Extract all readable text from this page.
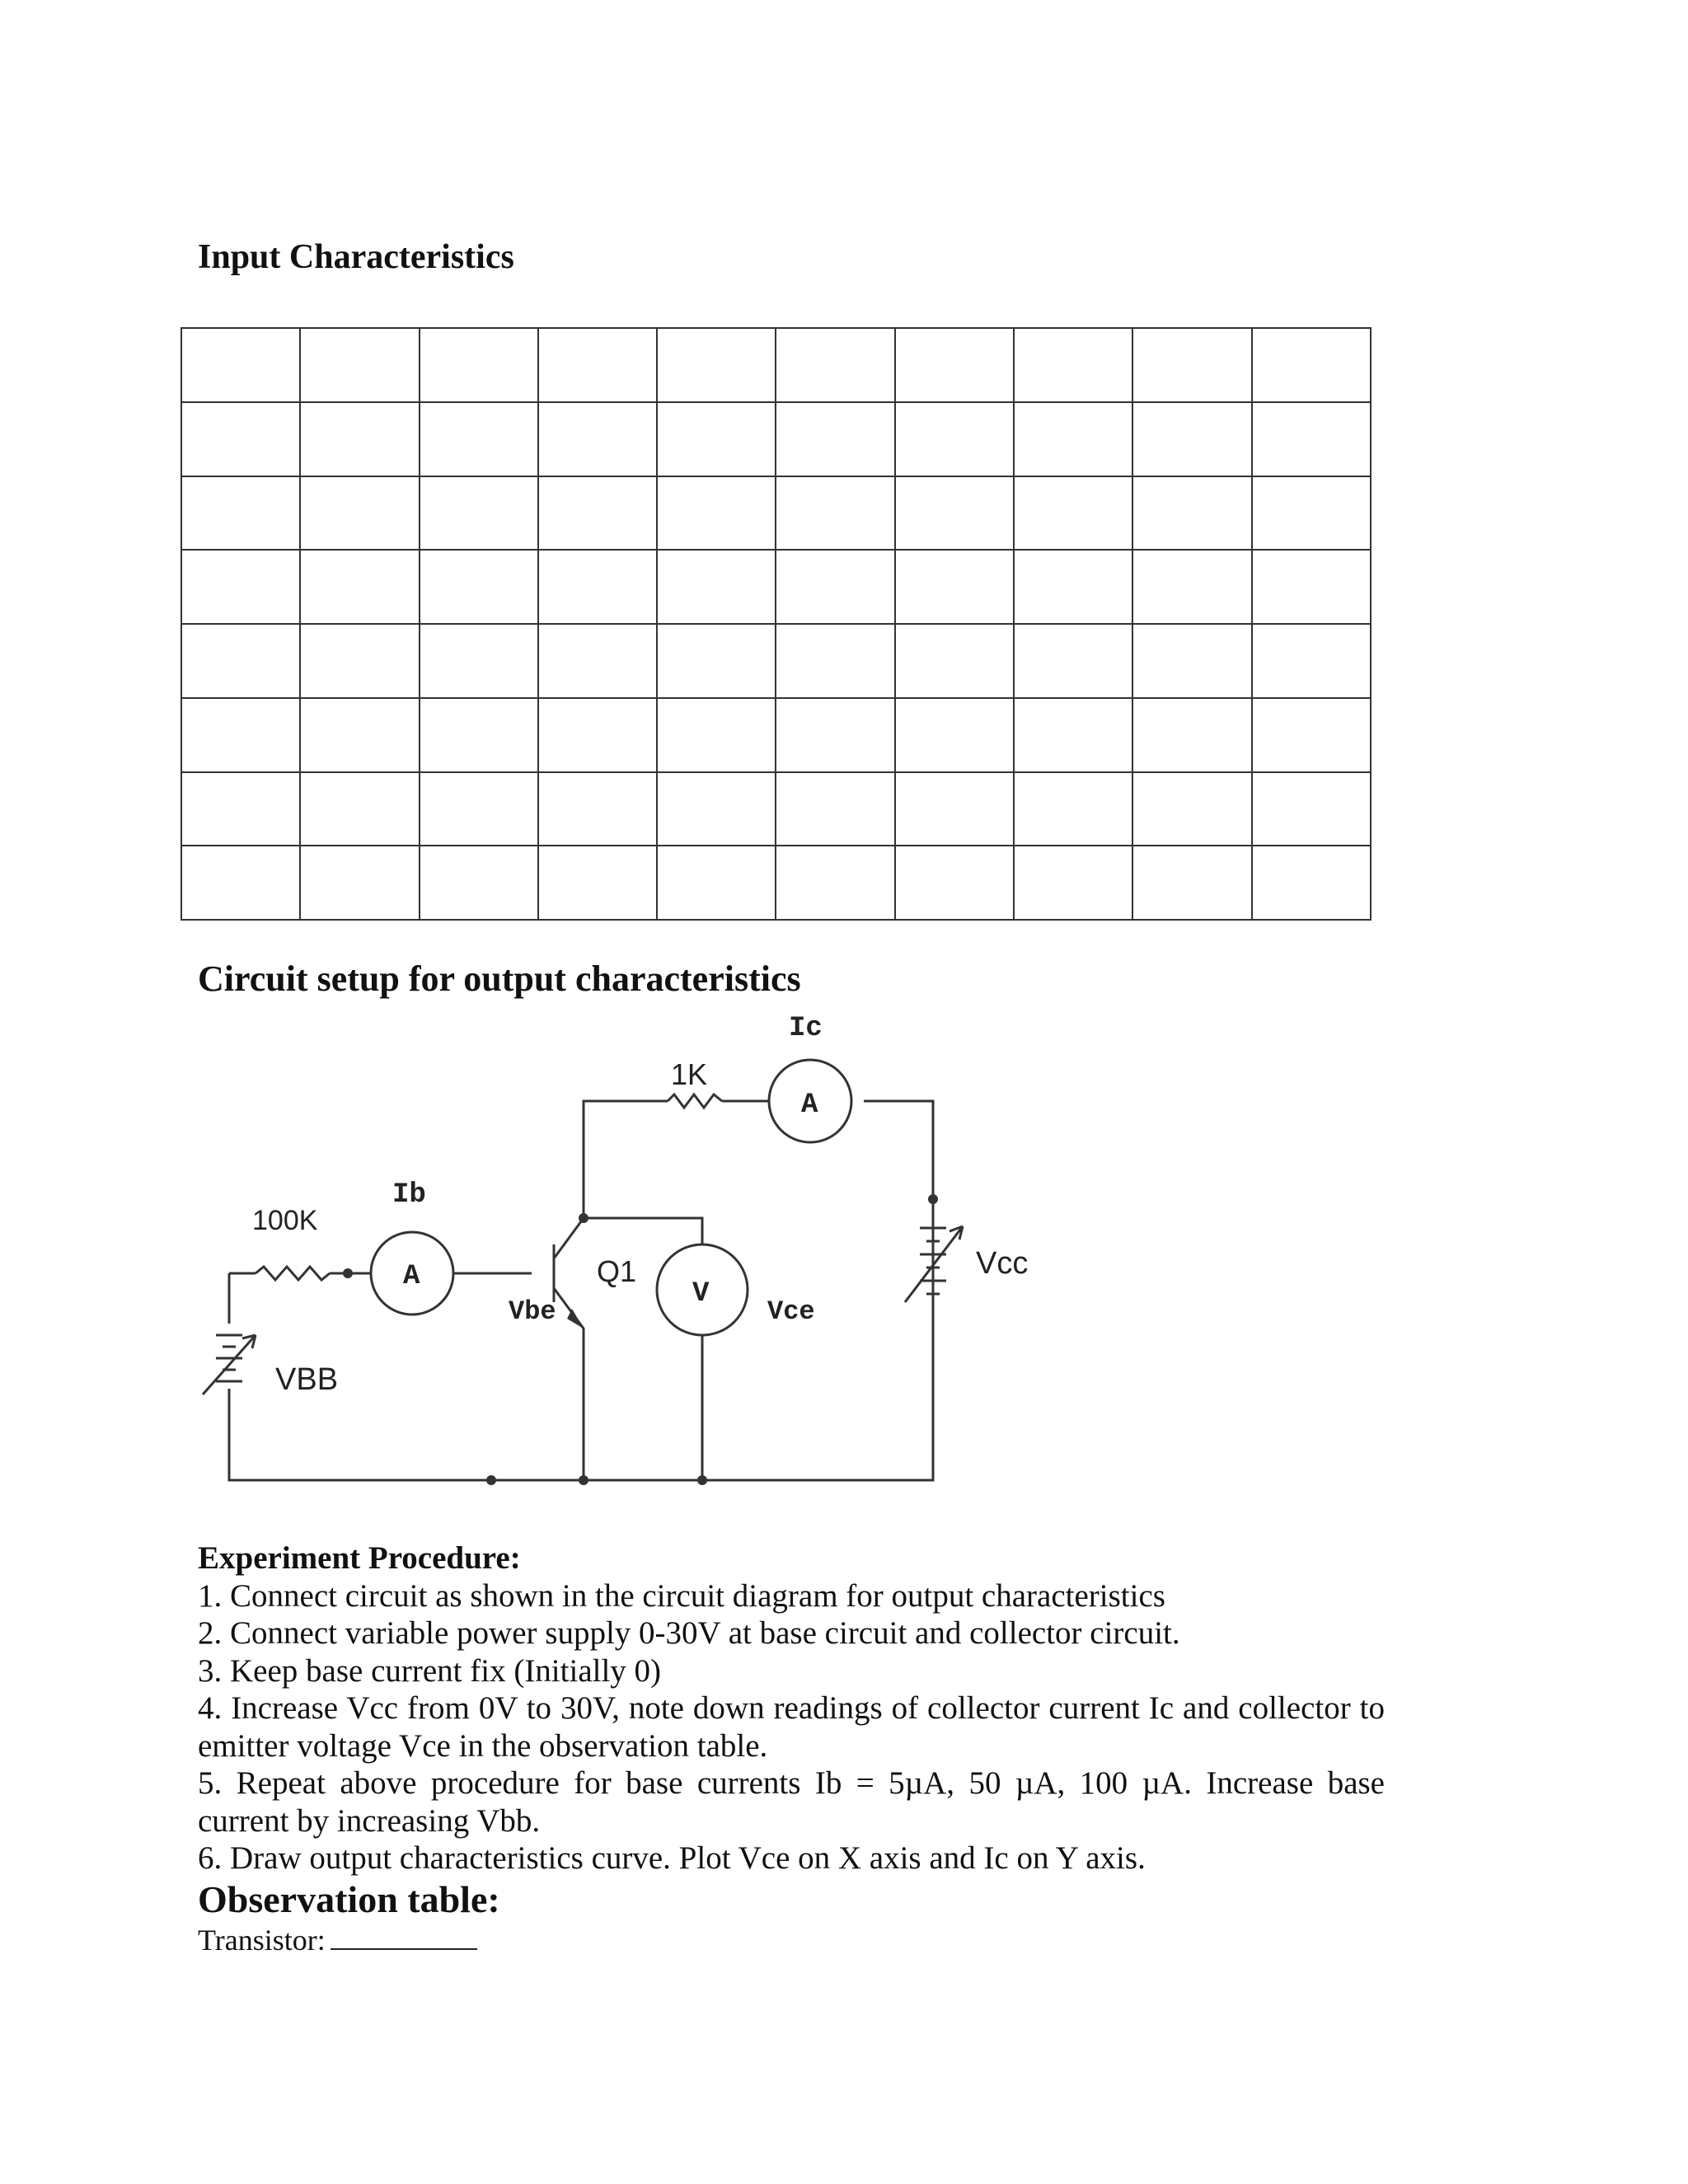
Input Characteristics

Circuit setup for output characteristics
Ic
1K
A
Ib
100K
A	Q1
V
Vbe	Vce
Vcc
VBB
Experiment Procedure:

1. Connect circuit as shown in the circuit diagram for output characteristics

2. Connect variable power supply 0-30V at base circuit and collector circuit.

3. Keep base current fix (Initially 0)

4. Increase Vcc from 0V to 30V, note down readings of collector current Ic and collector to emitter voltage Vce in the observation table.

5. Repeat above procedure for base currents Ib = 5µA, 50 µA, 100 µA. Increase base current by increasing Vbb.

6. Draw output characteristics curve. Plot Vce on X axis and Ic on Y axis.

Observation table:
Transistor:
